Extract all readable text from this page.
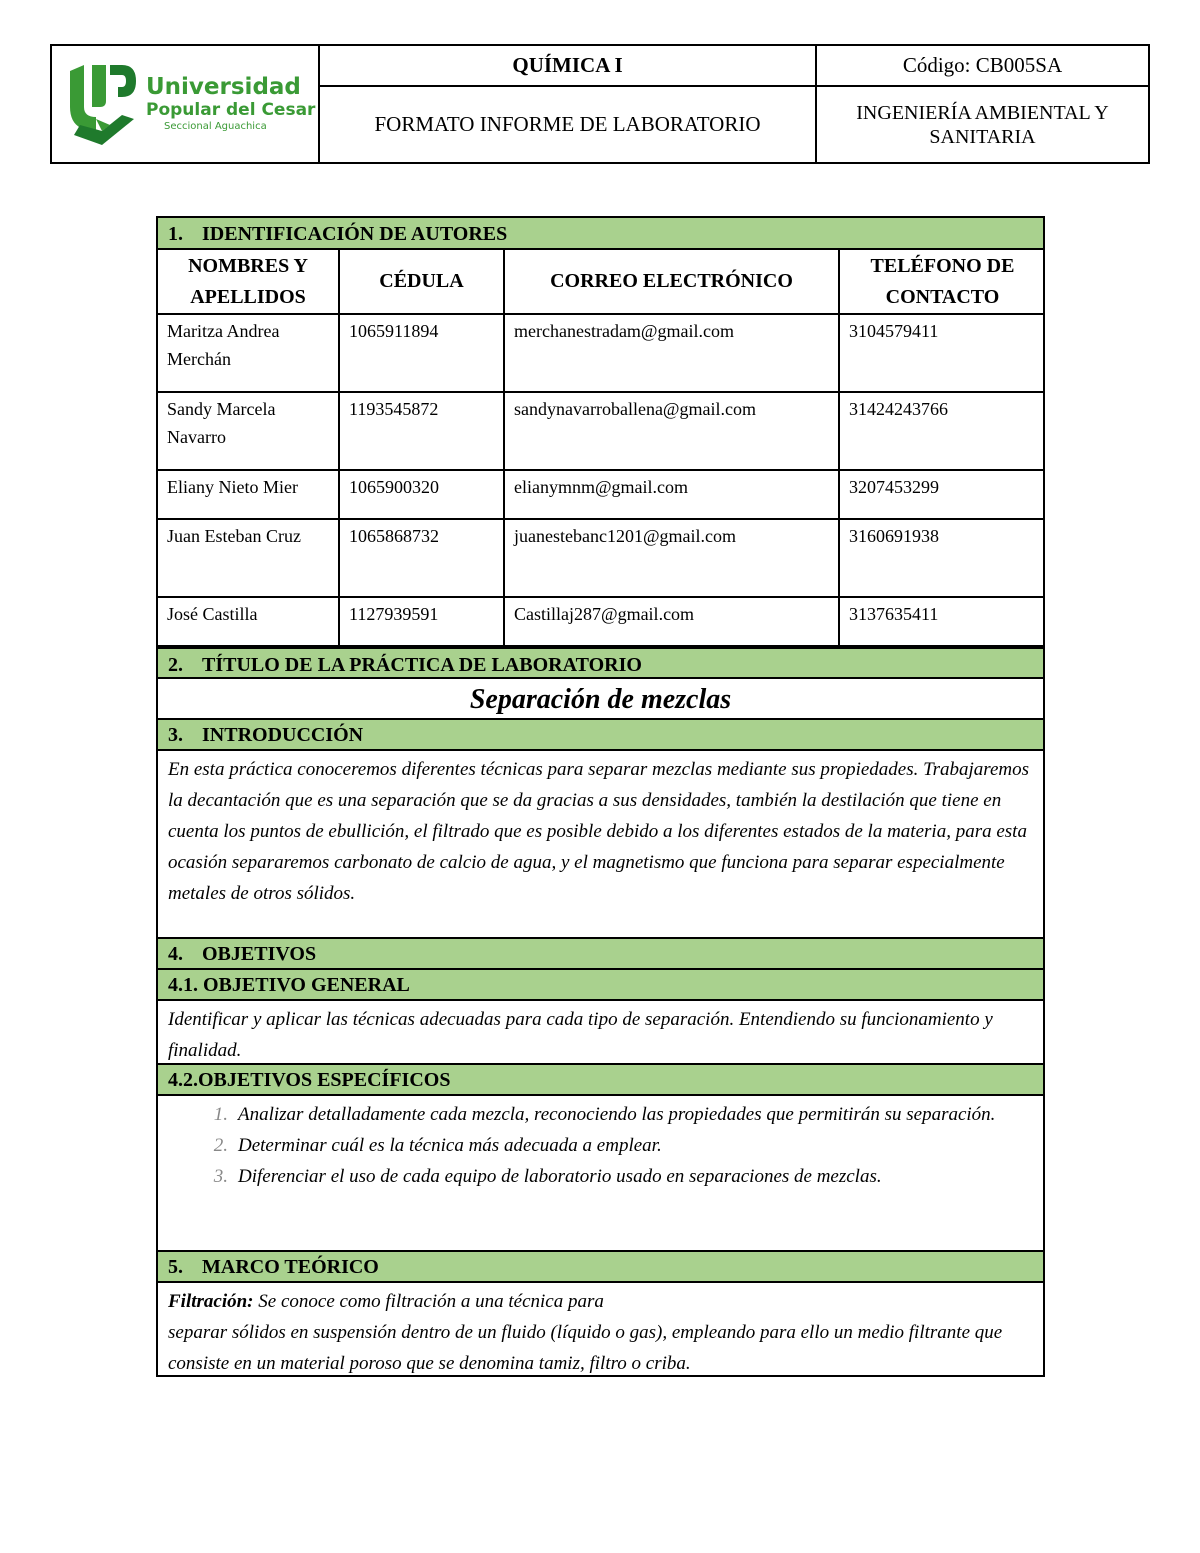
Universidad
Popular del Cesar
Seccional Aguachica
QUÍMICA I
FORMATO INFORME DE LABORATORIO
Código: CB005SA
INGENIERÍA AMBIENTAL Y SANITARIA
1. IDENTIFICACIÓN DE AUTORES
NOMBRES Y APELLIDOS	CÉDULA	CORREO ELECTRÓNICO	TELÉFONO DE CONTACTO
Maritza Andrea Merchán	1065911894	merchanestradam@gmail.com	3104579411
Sandy Marcela Navarro	1193545872	sandynavarroballena@gmail.com	31424243766
Eliany Nieto Mier	1065900320	elianymnm@gmail.com	3207453299
Juan Esteban Cruz	1065868732	juanestebanc1201@gmail.com	3160691938
José Castilla	1127939591	Castillaj287@gmail.com	3137635411
2. TÍTULO DE LA PRÁCTICA DE LABORATORIO
Separación de mezclas
3. INTRODUCCIÓN
En esta práctica conoceremos diferentes técnicas para separar mezclas mediante sus propiedades. Trabajaremos la decantación que es una separación que se da gracias a sus densidades, también la destilación que tiene en cuenta los puntos de ebullición, el filtrado que es posible debido a los diferentes estados de la materia, para esta ocasión separaremos carbonato de calcio de agua, y el magnetismo que funciona para separar especialmente metales de otros sólidos.
4. OBJETIVOS
4.1. OBJETIVO GENERAL
Identificar y aplicar las técnicas adecuadas para cada tipo de separación. Entendiendo su funcionamiento y finalidad.
4.2.OBJETIVOS ESPECÍFICOS
1. Analizar detalladamente cada mezcla, reconociendo las propiedades que permitirán su separación.
2. Determinar cuál es la técnica más adecuada a emplear.
3. Diferenciar el uso de cada equipo de laboratorio usado en separaciones de mezclas.
5. MARCO TEÓRICO
Filtración: Se conoce como filtración a una técnica para
separar sólidos en suspensión dentro de un fluido (líquido o gas), empleando para ello un medio filtrante que consiste en un material poroso que se denomina tamiz, filtro o criba.
